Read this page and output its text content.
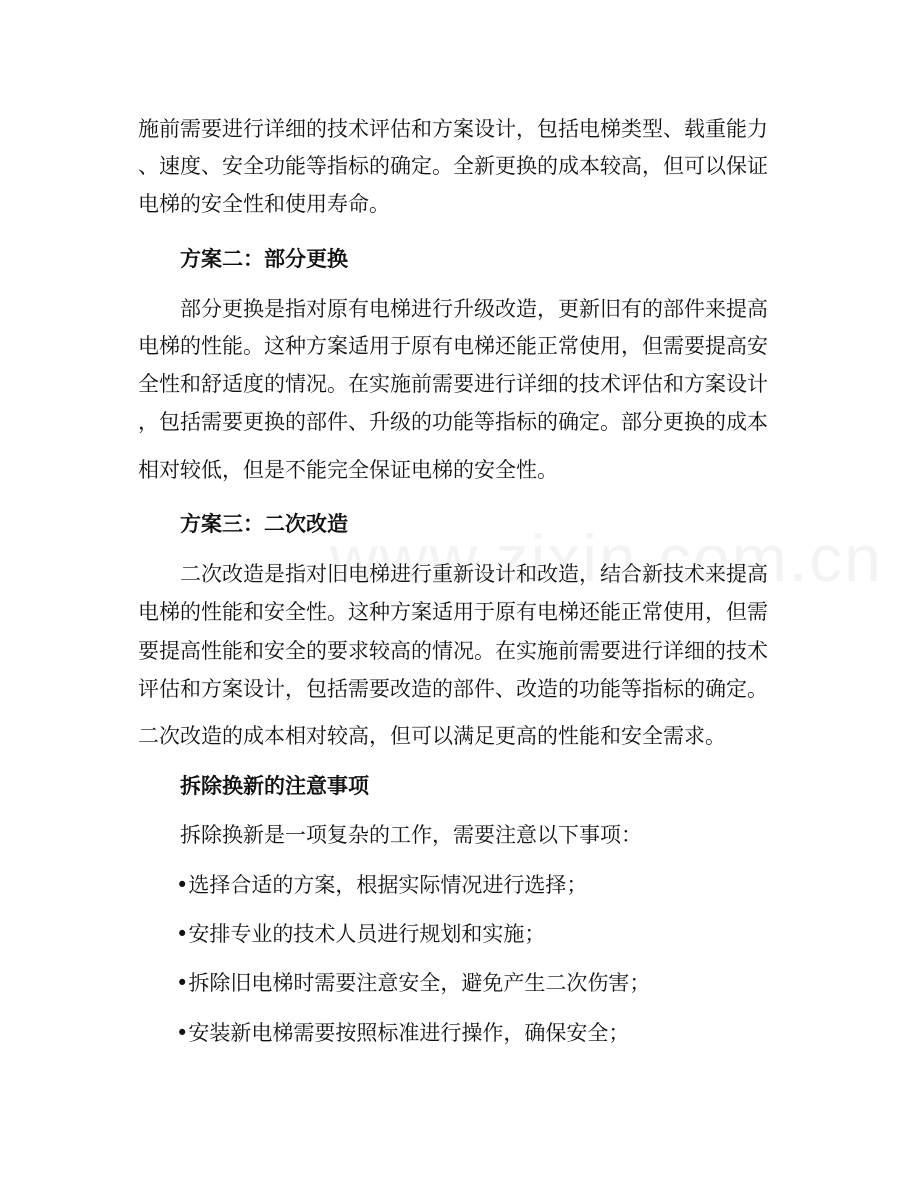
施前需要进行详细的技术评估和方案设计，包括电梯类型、载重能力
、速度、安全功能等指标的确定。全新更换的成本较高，但可以保证
电梯的安全性和使用寿命。
方案二：部分更换
部分更换是指对原有电梯进行升级改造，更新旧有的部件来提高
电梯的性能。这种方案适用于原有电梯还能正常使用，但需要提高安
全性和舒适度的情况。在实施前需要进行详细的技术评估和方案设计
，包括需要更换的部件、升级的功能等指标的确定。部分更换的成本
相对较低，但是不能完全保证电梯的安全性。
方案三：二次改造
二次改造是指对旧电梯进行重新设计和改造，结合新技术来提高
电梯的性能和安全性。这种方案适用于原有电梯还能正常使用，但需
要提高性能和安全的要求较高的情况。在实施前需要进行详细的技术
评估和方案设计，包括需要改造的部件、改造的功能等指标的确定。
二次改造的成本相对较高，但可以满足更高的性能和安全需求。
拆除换新的注意事项
拆除换新是一项复杂的工作，需要注意以下事项：
•选择合适的方案，根据实际情况进行选择；
•安排专业的技术人员进行规划和实施；
•拆除旧电梯时需要注意安全，避免产生二次伤害；
•安装新电梯需要按照标准进行操作，确保安全；
